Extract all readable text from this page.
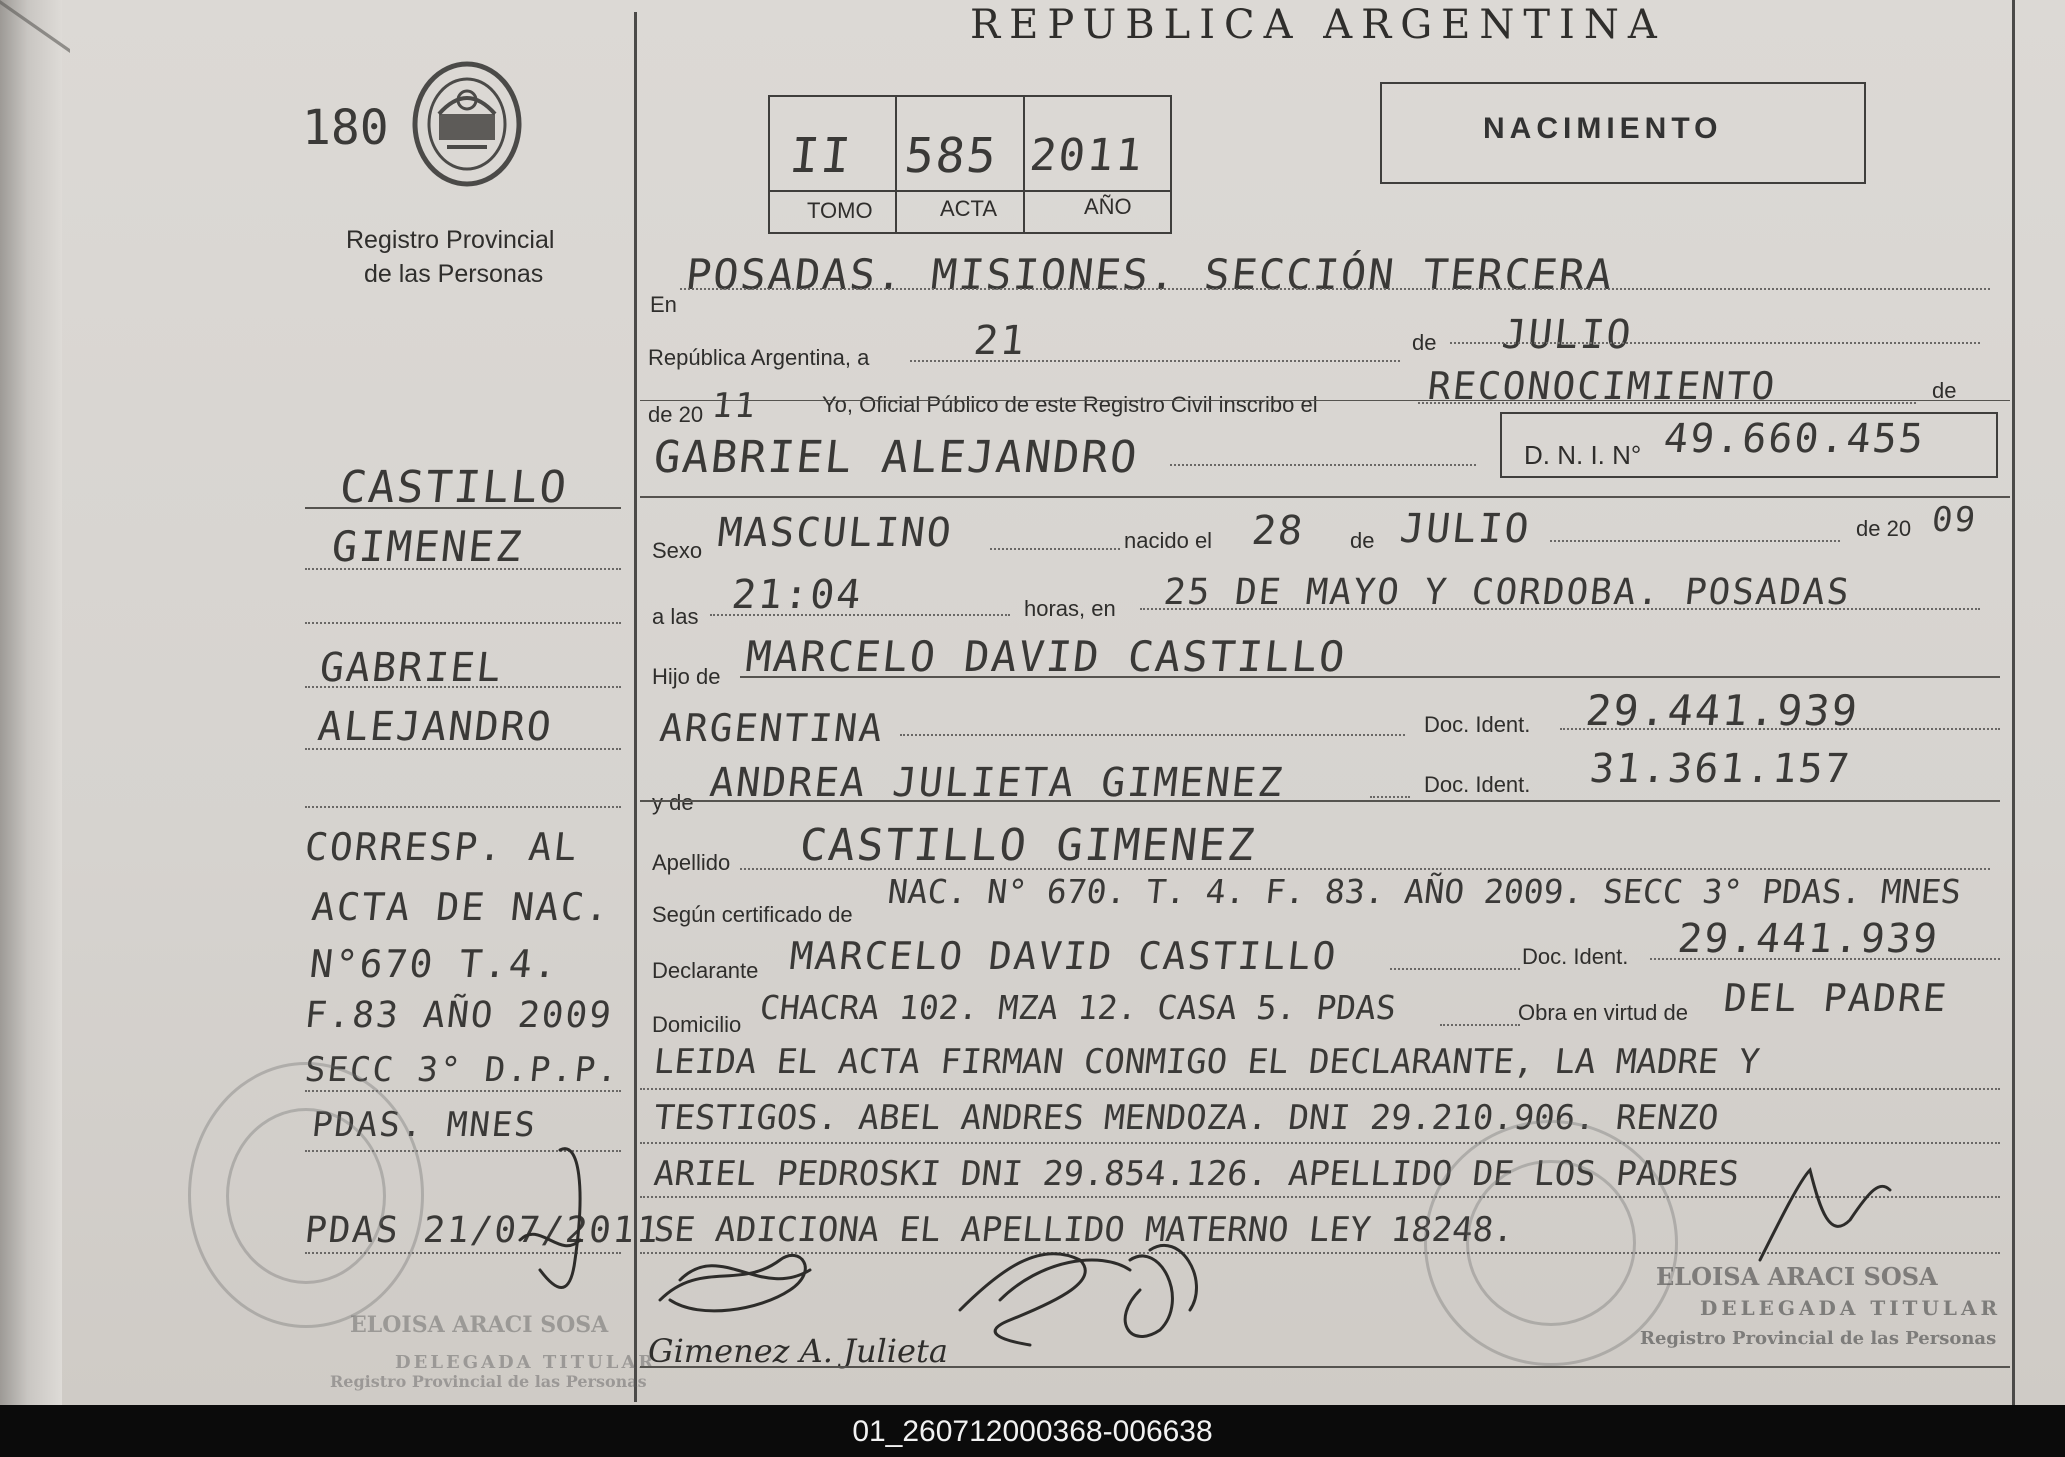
REPUBLICA ARGENTINA
180
Registro Provincial
de las Personas
II 585 2011
TOMO	ACTA	AÑO
NACIMIENTO
CASTILLO
GIMENEZ
GABRIEL
ALEJANDRO
CORRESP. AL
ACTA DE NAC.
N°670 T.4.
F.83 AÑO 2009
SECC 3° D.P.P.
PDAS. MNES
PDAS 21/07/2011
ELOISA ARACI SOSA
DELEGADA TITULAR
Registro Provincial de las Personas
En
POSADAS. MISIONES. SECCIÓN TERCERA
República Argentina, a	21	de JULIO
de 20 11	Yo, Oficial Público de este Registro Civil inscribo el	RECONOCIMIENTO	de
GABRIEL ALEJANDRO	D. N. I. N° 49.660.455
Sexo MASCULINO	nacido el 28 de JULIO	de 20 09
a las 21:04	horas, en 25 DE MAYO Y CORDOBA. POSADAS
Hijo de MARCELO DAVID CASTILLO
ARGENTINA	Doc. Ident. 29.441.939
y de ANDREA JULIETA GIMENEZ	Doc. Ident. 31.361.157
Apellido CASTILLO GIMENEZ
Según certificado de
NAC. N° 670. T. 4. F. 83. AÑO 2009. SECC 3° PDAS. MNES
Declarante MARCELO DAVID CASTILLO	Doc. Ident. 29.441.939
Domicilio CHACRA 102. MZA 12. CASA 5. PDAS	Obra en virtud de DEL PADRE
LEIDA EL ACTA FIRMAN CONMIGO EL DECLARANTE, LA MADRE Y
TESTIGOS. ABEL ANDRES MENDOZA. DNI 29.210.906. RENZO
ARIEL PEDROSKI DNI 29.854.126. APELLIDO DE LOS PADRES
SE ADICIONA EL APELLIDO MATERNO LEY 18248.
ELOISA ARACI SOSA
DELEGADA TITULAR
Registro Provincial de las Personas
Gimenez A. Julieta
01_260712000368-006638
